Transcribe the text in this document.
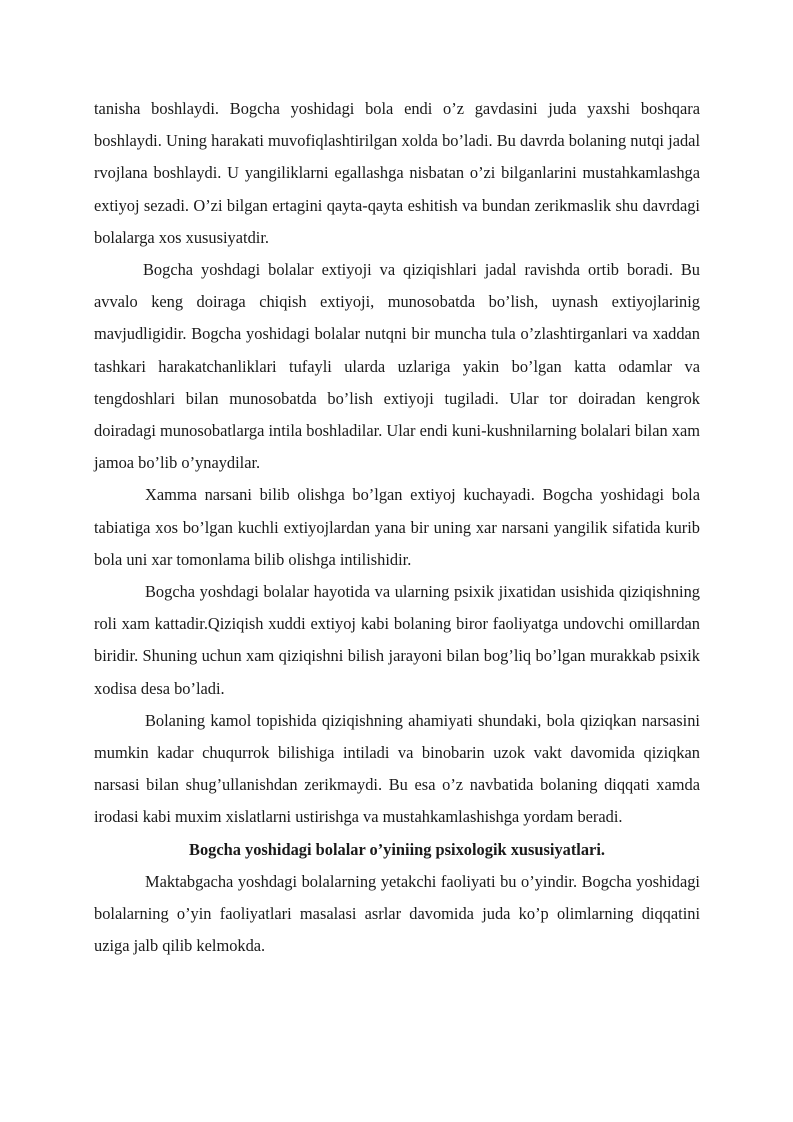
tanisha boshlaydi. Bogcha yoshidagi bola endi o’z gavdasini juda yaxshi boshqara boshlaydi. Uning harakati muvofiqlashtirilgan xolda bo’ladi. Bu davrda bolaning nutqi jadal rvojlana boshlaydi. U yangiliklarni egallashga nisbatan o’zi bilganlarini mustahkamlashga extiyoj sezadi. O’zi bilgan ertagini qayta-qayta eshitish va bundan zerikmaslik shu davrdagi bolalarga xos xususiyatdir.

Bogcha yoshdagi bolalar extiyoji va qiziqishlari jadal ravishda ortib boradi. Bu avvalo keng doiraga chiqish extiyoji, munosobatda bo’lish, uynash extiyojlarinig mavjudligidir. Bogcha yoshidagi bolalar nutqni bir muncha tula o’zlashtirganlari va xaddan tashkari harakatchanliklari tufayli ularda uzlariga yakin bo’lgan katta odamlar va tengdoshlari bilan munosobatda bo’lish extiyoji tugiladi. Ular tor doiradan kengrok doiradagi munosobatlarga intila boshladilar. Ular endi kuni-kushnilarning bolalari bilan xam jamoa bo’lib o’ynaydilar.

Xamma narsani bilib olishga bo’lgan extiyoj kuchayadi. Bogcha yoshidagi bola tabiatiga xos bo’lgan kuchli extiyojlardan yana bir uning xar narsani yangilik sifatida kurib bola uni xar tomonlama bilib olishga intilishidir.

Bogcha yoshdagi bolalar hayotida va ularning psixik jixatidan usishida qiziqishning roli xam kattadir.Qiziqish xuddi extiyoj kabi bolaning biror faoliyatga undovchi omillardan biridir. Shuning uchun xam qiziqishni bilish jarayoni bilan bog’liq bo’lgan murakkab psixik xodisa desa bo’ladi.

Bolaning kamol topishida qiziqishning ahamiyati shundaki, bola qiziqkan narsasini mumkin kadar chuqurrok bilishiga intiladi va binobarin uzok vakt davomida qiziqkan narsasi bilan shug’ullanishdan zerikmaydi. Bu esa o’z navbatida bolaning diqqati xamda irodasi kabi muxim xislatlarni ustirishga va mustahkamlashishga yordam beradi.

Bogcha yoshidagi bolalar o’yiniing psixologik xususiyatlari.

Maktabgacha yoshdagi bolalarning yetakchi faoliyati bu o’yindir. Bogcha yoshidagi bolalarning o’yin faoliyatlari masalasi asrlar davomida juda ko’p olimlarning diqqatini uziga jalb qilib kelmokda.
